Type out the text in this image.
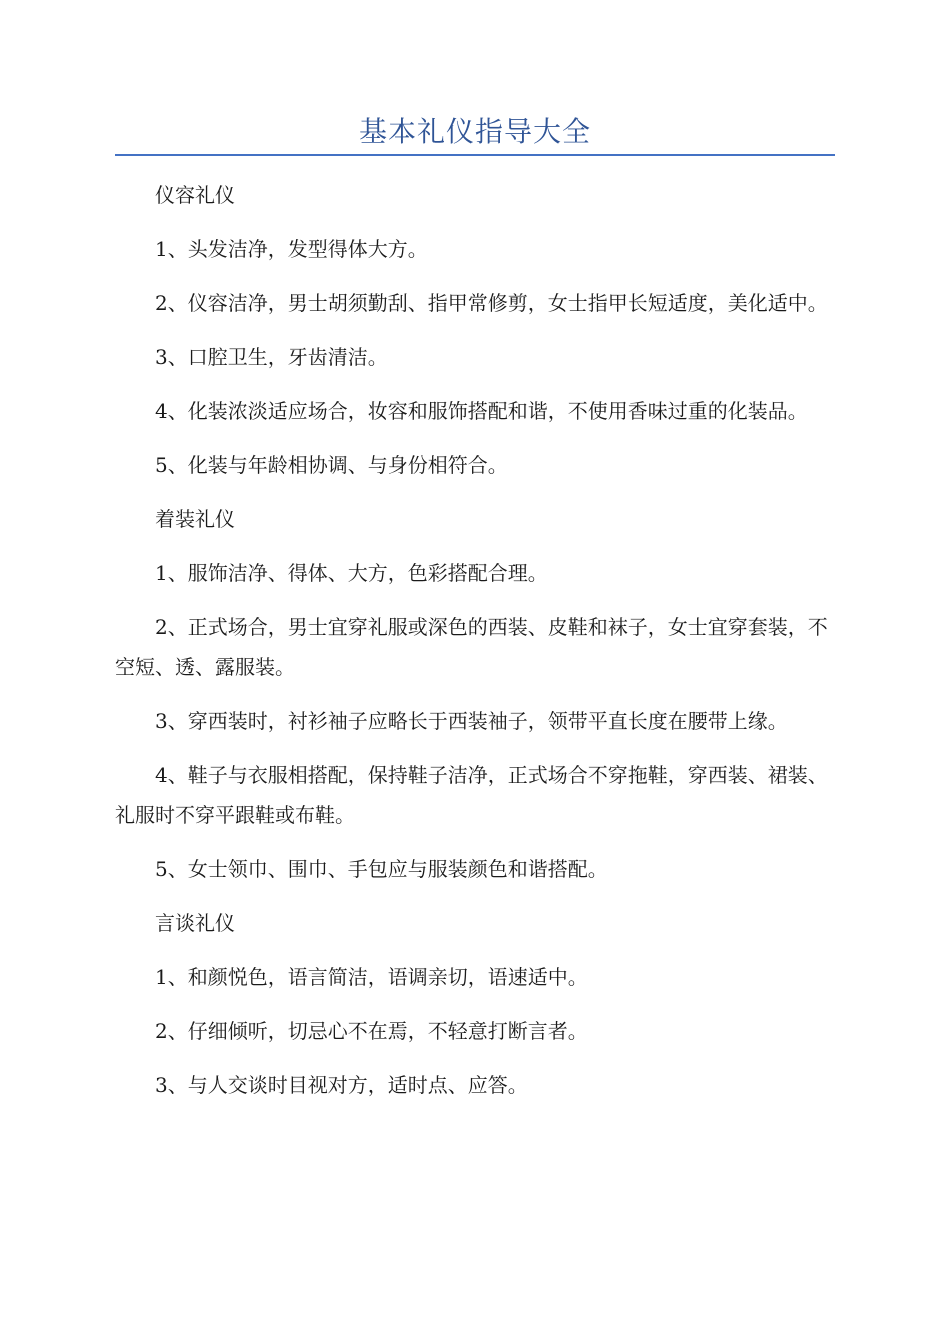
基本礼仪指导大全

仪容礼仪

1、头发洁净，发型得体大方。

2、仪容洁净，男士胡须勤刮、指甲常修剪，女士指甲长短适度，美化适中。

3、口腔卫生，牙齿清洁。

4、化装浓淡适应场合，妆容和服饰搭配和谐，不使用香味过重的化装品。

5、化装与年龄相协调、与身份相符合。

着装礼仪

1、服饰洁净、得体、大方，色彩搭配合理。

2、正式场合，男士宜穿礼服或深色的西装、皮鞋和袜子，女士宜穿套装，不空短、透、露服装。

3、穿西装时，衬衫袖子应略长于西装袖子，领带平直长度在腰带上缘。

4、鞋子与衣服相搭配，保持鞋子洁净，正式场合不穿拖鞋，穿西装、裙装、礼服时不穿平跟鞋或布鞋。

5、女士领巾、围巾、手包应与服装颜色和谐搭配。

言谈礼仪

1、和颜悦色，语言简洁，语调亲切，语速适中。

2、仔细倾听，切忌心不在焉，不轻意打断言者。

3、与人交谈时目视对方，适时点、应答。
